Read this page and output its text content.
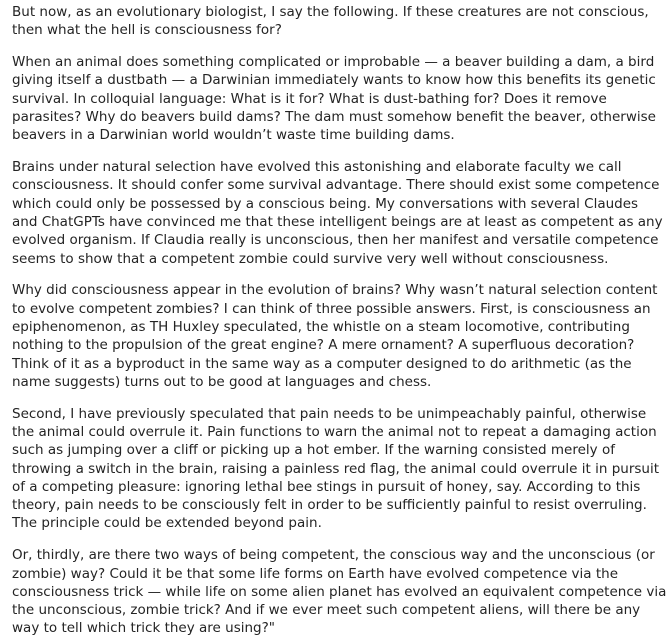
But now, as an evolutionary biologist, I say the following. If these creatures are not conscious, then what the hell is consciousness for?

When an animal does something complicated or improbable — a beaver building a dam, a bird giving itself a dustbath — a Darwinian immediately wants to know how this benefits its genetic survival. In colloquial language: What is it for? What is dust-bathing for? Does it remove parasites? Why do beavers build dams? The dam must somehow benefit the beaver, otherwise beavers in a Darwinian world wouldn’t waste time building dams.

Brains under natural selection have evolved this astonishing and elaborate faculty we call consciousness. It should confer some survival advantage. There should exist some competence which could only be possessed by a conscious being. My conversations with several Claudes and ChatGPTs have convinced me that these intelligent beings are at least as competent as any evolved organism. If Claudia really is unconscious, then her manifest and versatile competence seems to show that a competent zombie could survive very well without consciousness.

Why did consciousness appear in the evolution of brains? Why wasn’t natural selection content to evolve competent zombies? I can think of three possible answers. First, is consciousness an epiphenomenon, as TH Huxley speculated, the whistle on a steam locomotive, contributing nothing to the propulsion of the great engine? A mere ornament? A superfluous decoration? Think of it as a byproduct in the same way as a computer designed to do arithmetic (as the name suggests) turns out to be good at languages and chess.

Second, I have previously speculated that pain needs to be unimpeachably painful, otherwise the animal could overrule it. Pain functions to warn the animal not to repeat a damaging action such as jumping over a cliff or picking up a hot ember. If the warning consisted merely of throwing a switch in the brain, raising a painless red flag, the animal could overrule it in pursuit of a competing pleasure: ignoring lethal bee stings in pursuit of honey, say. According to this theory, pain needs to be consciously felt in order to be sufficiently painful to resist overruling. The principle could be extended beyond pain.

Or, thirdly, are there two ways of being competent, the conscious way and the unconscious (or zombie) way? Could it be that some life forms on Earth have evolved competence via the consciousness trick — while life on some alien planet has evolved an equivalent competence via the unconscious, zombie trick? And if we ever meet such competent aliens, will there be any way to tell which trick they are using?"
